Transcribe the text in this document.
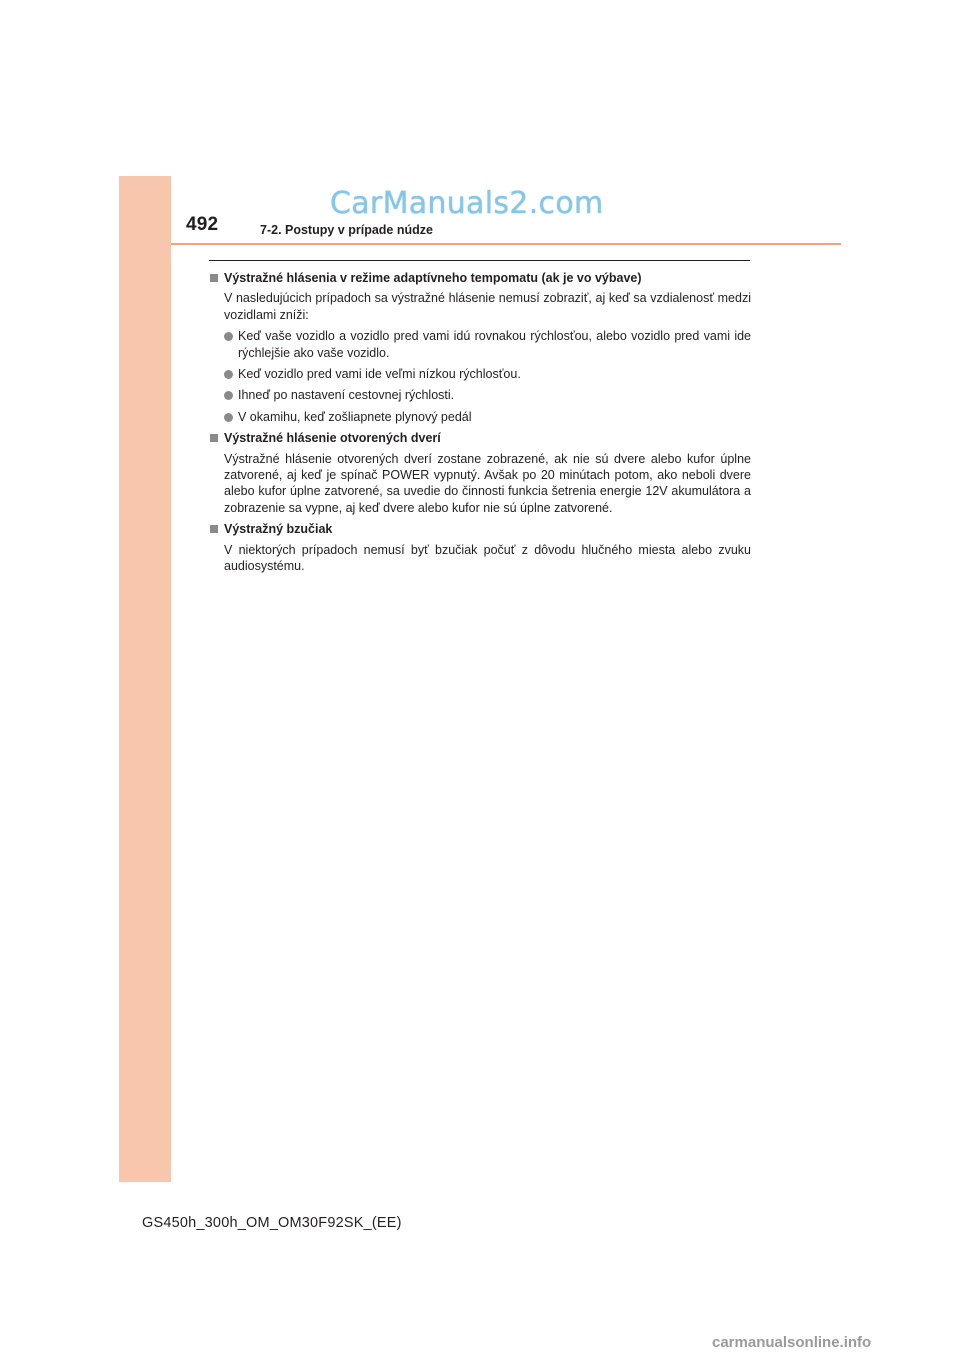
492	7-2. Postupy v prípade núdze
CarManuals2.com
Výstražné hlásenia v režime adaptívneho tempomatu (ak je vo výbave)
V nasledujúcich prípadoch sa výstražné hlásenie nemusí zobraziť, aj keď sa vzdialenosť medzi vozidlami zníži:
Keď vaše vozidlo a vozidlo pred vami idú rovnakou rýchlosťou, alebo vozidlo pred vami ide rýchlejšie ako vaše vozidlo.
Keď vozidlo pred vami ide veľmi nízkou rýchlosťou.
Ihneď po nastavení cestovnej rýchlosti.
V okamihu, keď zošliapnete plynový pedál
Výstražné hlásenie otvorených dverí
Výstražné hlásenie otvorených dverí zostane zobrazené, ak nie sú dvere alebo kufor úplne zatvorené, aj keď je spínač POWER vypnutý. Avšak po 20 minútach potom, ako neboli dvere alebo kufor úplne zatvorené, sa uvedie do činnosti funkcia šetrenia energie 12V akumulátora a zobrazenie sa vypne, aj keď dvere alebo kufor nie sú úplne zatvorené.
Výstražný bzučiak
V niektorých prípadoch nemusí byť bzučiak počuť z dôvodu hlučného miesta alebo zvuku audiosystému.
GS450h_300h_OM_OM30F92SK_(EE)
carmanualsonline.info
